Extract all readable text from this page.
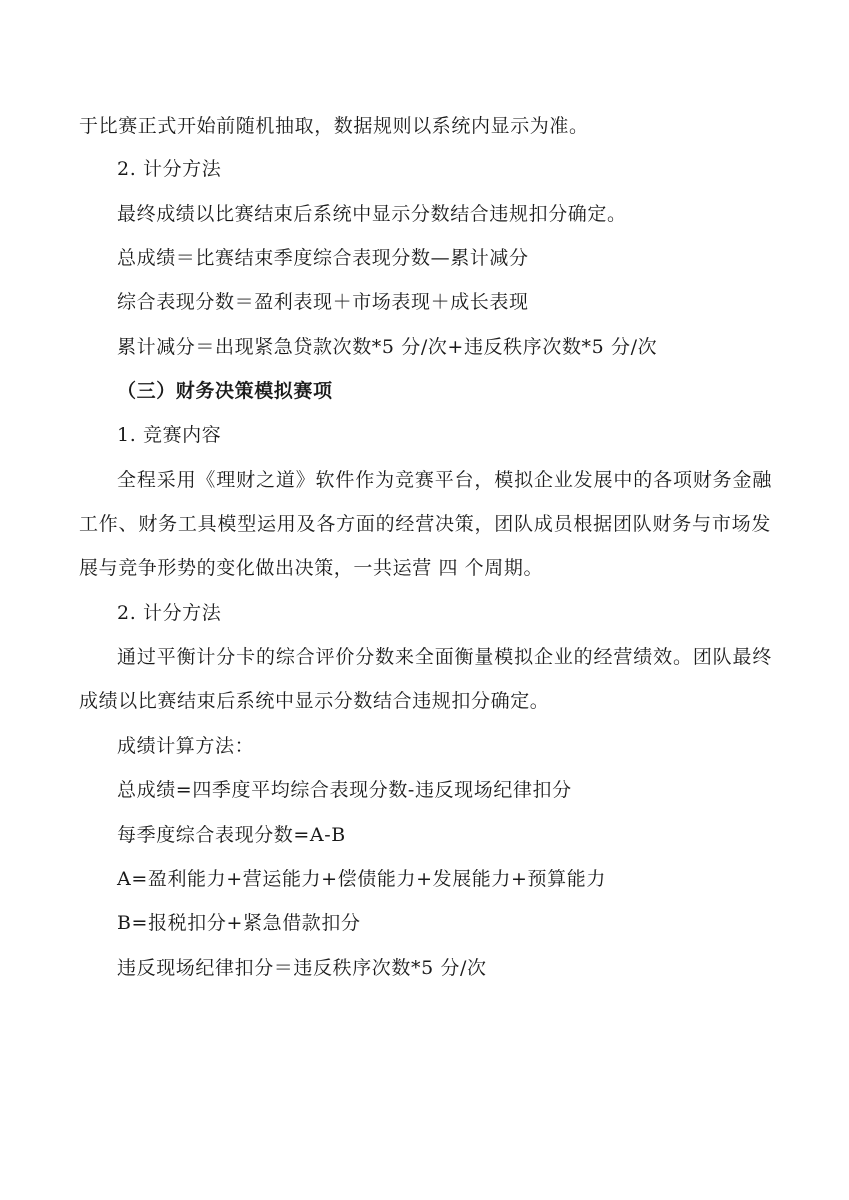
于比赛正式开始前随机抽取，数据规则以系统内显示为准。
2. 计分方法
最终成绩以比赛结束后系统中显示分数结合违规扣分确定。
总成绩＝比赛结束季度综合表现分数—累计减分
综合表现分数＝盈利表现＋市场表现＋成长表现
累计减分＝出现紧急贷款次数*5 分/次+违反秩序次数*5 分/次
（三）财务决策模拟赛项
1. 竞赛内容
全程采用《理财之道》软件作为竞赛平台，模拟企业发展中的各项财务金融
工作、财务工具模型运用及各方面的经营决策，团队成员根据团队财务与市场发
展与竞争形势的变化做出决策，一共运营 四 个周期。
2. 计分方法
通过平衡计分卡的综合评价分数来全面衡量模拟企业的经营绩效。团队最终
成绩以比赛结束后系统中显示分数结合违规扣分确定。
成绩计算方法：
总成绩=四季度平均综合表现分数-违反现场纪律扣分
每季度综合表现分数=A-B
A=盈利能力+营运能力+偿债能力+发展能力+预算能力
B=报税扣分+紧急借款扣分
违反现场纪律扣分＝违反秩序次数*5 分/次
